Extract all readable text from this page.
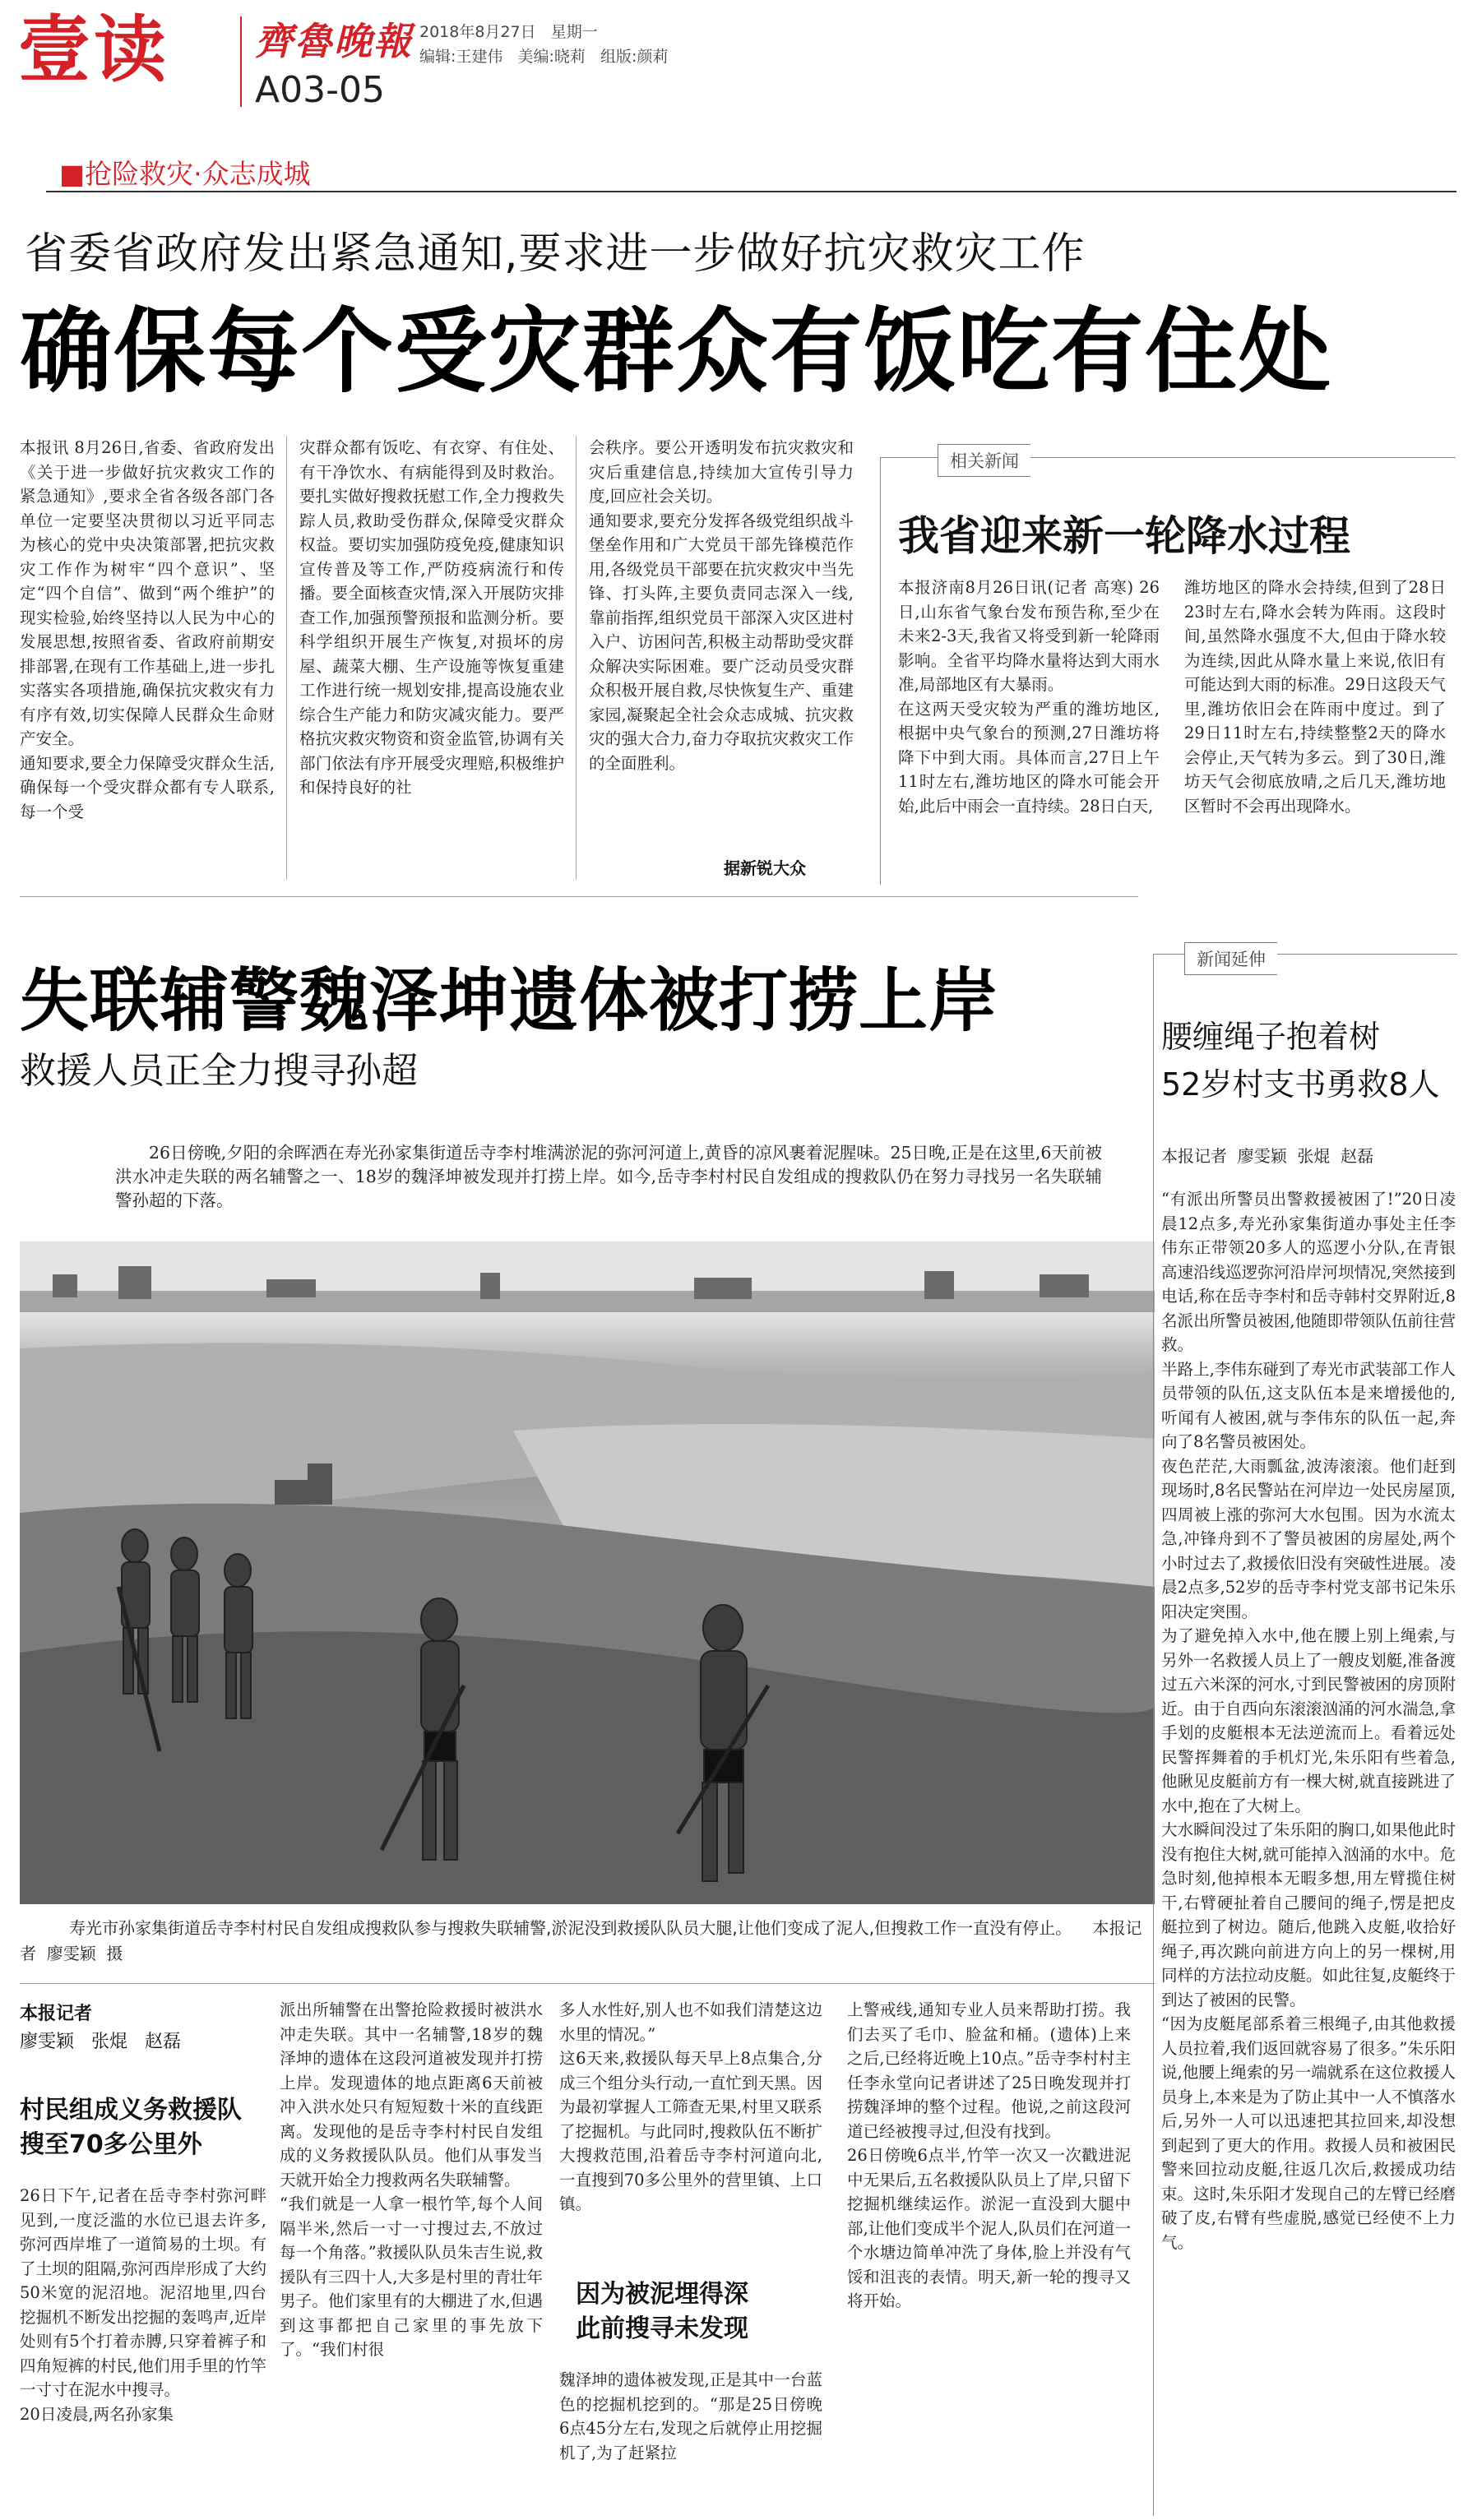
壹读 齊魯晚報
A03-05
2018年8月27日 星期一
编辑:王建伟   美编:晓莉   组版:颜莉
■抢险救灾·众志成城
省委省政府发出紧急通知,要求进一步做好抗灾救灾工作
确保每个受灾群众有饭吃有住处
本报讯 8月26日,省委、省政府发出《关于进一步做好抗灾救灾工作的紧急通知》,要求全省各级各部门各单位一定要坚决贯彻以习近平同志为核心的党中央决策部署,把抗灾救灾工作作为树牢“四个意识”、坚定“四个自信”、做到“两个维护”的现实检验,始终坚持以人民为中心的发展思想,按照省委、省政府前期安排部署,在现有工作基础上,进一步扎实落实各项措施,确保抗灾救灾有力有序有效,切实保障人民群众生命财产安全。
通知要求,要全力保障受灾群众生活,确保每一个受灾群众都有专人联系,每一个受
灾群众都有饭吃、有衣穿、有住处、有干净饮水、有病能得到及时救治。要扎实做好搜救抚慰工作,全力搜救失踪人员,救助受伤群众,保障受灾群众权益。要切实加强防疫免疫,健康知识宣传普及等工作,严防疫病流行和传播。要全面核查灾情,深入开展防灾排查工作,加强预警预报和监测分析。要科学组织开展生产恢复,对损坏的房屋、蔬菜大棚、生产设施等恢复重建工作进行统一规划安排,提高设施农业综合生产能力和防灾减灾能力。要严格抗灾救灾物资和资金监管,协调有关部门依法有序开展受灾理赔,积极维护和保持良好的社
会秩序。要公开透明发布抗灾救灾和灾后重建信息,持续加大宣传引导力度,回应社会关切。
通知要求,要充分发挥各级党组织战斗堡垒作用和广大党员干部先锋模范作用,各级党员干部要在抗灾救灾中当先锋、打头阵,主要负责同志深入一线,靠前指挥,组织党员干部深入灾区进村入户、访困问苦,积极主动帮助受灾群众解决实际困难。要广泛动员受灾群众积极开展自救,尽快恢复生产、重建家园,凝聚起全社会众志成城、抗灾救灾的强大合力,奋力夺取抗灾救灾工作的全面胜利。
据新锐大众
相关新闻
我省迎来新一轮降水过程
本报济南8月26日讯(记者 高寒) 26日,山东省气象台发布预告称,至少在未来2-3天,我省又将受到新一轮降雨影响。全省平均降水量将达到大雨水准,局部地区有大暴雨。
在这两天受灾较为严重的潍坊地区,根据中央气象台的预测,27日潍坊将降下中到大雨。具体而言,27日上午11时左右,潍坊地区的降水可能会开始,此后中雨会一直持续。28日白天,
潍坊地区的降水会持续,但到了28日23时左右,降水会转为阵雨。这段时间,虽然降水强度不大,但由于降水较为连续,因此从降水量上来说,依旧有可能达到大雨的标准。29日这段天气里,潍坊依旧会在阵雨中度过。到了29日11时左右,持续整整2天的降水会停止,天气转为多云。到了30日,潍坊天气会彻底放晴,之后几天,潍坊地区暂时不会再出现降水。
失联辅警魏泽坤遗体被打捞上岸
救援人员正全力搜寻孙超
26日傍晚,夕阳的余晖洒在寿光孙家集街道岳寺李村堆满淤泥的弥河河道上,黄昏的凉风裹着泥腥味。25日晚,正是在这里,6天前被洪水冲走失联的两名辅警之一、18岁的魏泽坤被发现并打捞上岸。如今,岳寺李村村民自发组成的搜救队仍在努力寻找另一名失联辅警孙超的下落。
寿光市孙家集街道岳寺李村村民自发组成搜救队参与搜救失联辅警,淤泥没到救援队队员大腿,让他们变成了泥人,但搜救工作一直没有停止。    本报记者  廖雯颖  摄
本报记者
廖雯颖   张焜   赵磊
村民组成义务救援队
搜至70多公里外
26日下午,记者在岳寺李村弥河畔见到,一度泛滥的水位已退去许多,弥河西岸堆了一道简易的土坝。有了土坝的阻隔,弥河西岸形成了大约50米宽的泥沼地。泥沼地里,四台挖掘机不断发出挖掘的轰鸣声,近岸处则有5个打着赤膊,只穿着裤子和四角短裤的村民,他们用手里的竹竿一寸寸在泥水中搜寻。
20日凌晨,两名孙家集
派出所辅警在出警抢险救援时被洪水冲走失联。其中一名辅警,18岁的魏泽坤的遗体在这段河道被发现并打捞上岸。发现遗体的地点距离6天前被冲入洪水处只有短短数十米的直线距离。发现他的是岳寺李村村民自发组成的义务救援队队员。他们从事发当天就开始全力搜救两名失联辅警。
“我们就是一人拿一根竹竿,每个人间隔半米,然后一寸一寸搜过去,不放过每一个角落。”救援队队员朱吉生说,救援队有三四十人,大多是村里的青壮年男子。他们家里有的大棚进了水,但遇到这事都把自己家里的事先放下了。“我们村很
多人水性好,别人也不如我们清楚这边水里的情况。”
这6天来,救援队每天早上8点集合,分成三个组分头行动,一直忙到天黑。因为最初掌握人工筛查无果,村里又联系了挖掘机。与此同时,搜救队伍不断扩大搜救范围,沿着岳寺李村河道向北,一直搜到70多公里外的营里镇、上口镇。
因为被泥埋得深
此前搜寻未发现
魏泽坤的遗体被发现,正是其中一台蓝色的挖掘机挖到的。“那是25日傍晚6点45分左右,发现之后就停止用挖掘机了,为了赶紧拉
上警戒线,通知专业人员来帮助打捞。我们去买了毛巾、脸盆和桶。(遗体)上来之后,已经将近晚上10点。”岳寺李村村主任李永堂向记者讲述了25日晚发现并打捞魏泽坤的整个过程。他说,之前这段河道已经被搜寻过,但没有找到。
26日傍晚6点半,竹竿一次又一次戳进泥中无果后,五名救援队队员上了岸,只留下挖掘机继续运作。淤泥一直没到大腿中部,让他们变成半个泥人,队员们在河道一个水塘边简单冲洗了身体,脸上并没有气馁和沮丧的表情。明天,新一轮的搜寻又将开始。
新闻延伸
腰缠绳子抱着树
52岁村支书勇救8人
本报记者  廖雯颖  张焜  赵磊
“有派出所警员出警救援被困了!”20日凌晨12点多,寿光孙家集街道办事处主任李伟东正带领20多人的巡逻小分队,在青银高速沿线巡逻弥河沿岸河坝情况,突然接到电话,称在岳寺李村和岳寺韩村交界附近,8名派出所警员被困,他随即带领队伍前往营救。
半路上,李伟东碰到了寿光市武装部工作人员带领的队伍,这支队伍本是来增援他的,听闻有人被困,就与李伟东的队伍一起,奔向了8名警员被困处。
夜色茫茫,大雨瓢盆,波涛滚滚。他们赶到现场时,8名民警站在河岸边一处民房屋顶,四周被上涨的弥河大水包围。因为水流太急,冲锋舟到不了警员被困的房屋处,两个小时过去了,救援依旧没有突破性进展。凌晨2点多,52岁的岳寺李村党支部书记朱乐阳决定突围。
为了避免掉入水中,他在腰上别上绳索,与另外一名救援人员上了一艘皮划艇,准备渡过五六米深的河水,寸到民警被困的房顶附近。由于自西向东滚滚汹涌的河水湍急,拿手划的皮艇根本无法逆流而上。看着远处民警挥舞着的手机灯光,朱乐阳有些着急,他瞅见皮艇前方有一棵大树,就直接跳进了水中,抱在了大树上。
大水瞬间没过了朱乐阳的胸口,如果他此时没有抱住大树,就可能掉入汹涌的水中。危急时刻,他掉根本无暇多想,用左臂揽住树干,右臂硬扯着自己腰间的绳子,愣是把皮艇拉到了树边。随后,他跳入皮艇,收拾好绳子,再次跳向前进方向上的另一棵树,用同样的方法拉动皮艇。如此往复,皮艇终于到达了被困的民警。
“因为皮艇尾部系着三根绳子,由其他救援人员拉着,我们返回就容易了很多。”朱乐阳说,他腰上绳索的另一端就系在这位救援人员身上,本来是为了防止其中一人不慎落水后,另外一人可以迅速把其拉回来,却没想到起到了更大的作用。救援人员和被困民警来回拉动皮艇,往返几次后,救援成功结束。这时,朱乐阳才发现自己的左臂已经磨破了皮,右臂有些虚脱,感觉已经使不上力气。
